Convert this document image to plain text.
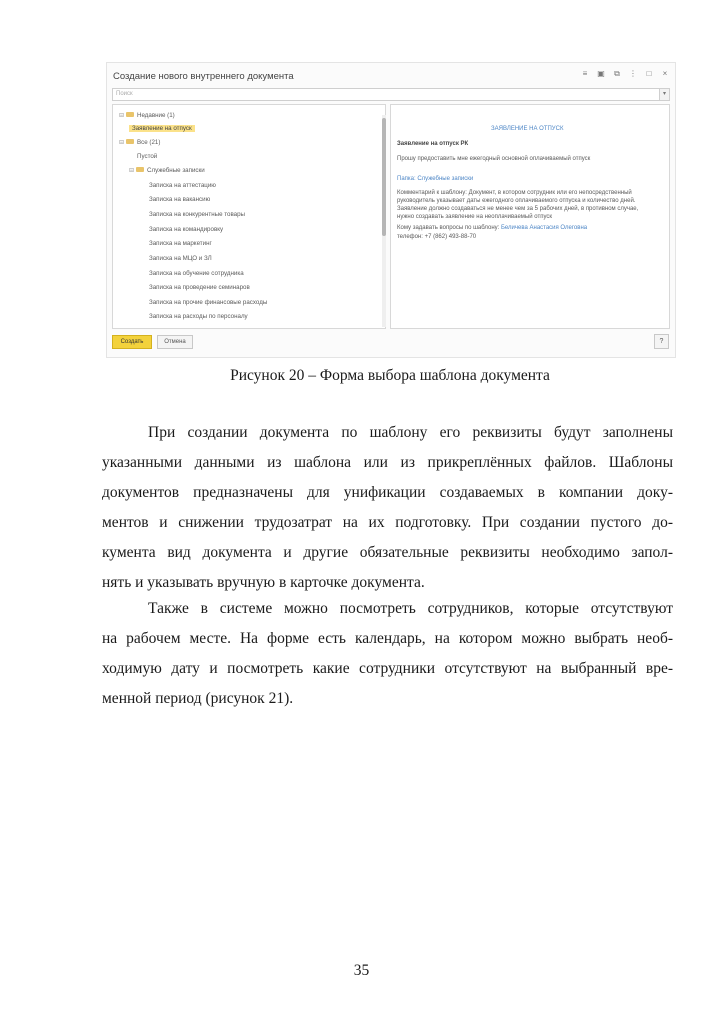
Создание нового внутреннего документа	≡ ▣ ⧉ ⋮ □ ×
Поиск	▾
⊟ Недавние (1)
Заявление на отпуск
⊟ Все (21)
Пустой
⊟ Служебные записки
Записка на аттестацию
Записка на вакансию
Записка на конкурентные товары
Записка на командировку
Записка на маркетинг
Записка на МЦО и ЗЛ
Записка на обучение сотрудника
Записка на проведение семинаров
Записка на прочие финансовые расходы
Записка на расходы по персоналу
ЗАЯВЛЕНИЕ НА ОТПУСК
Заявление на отпуск РК
Прошу предоставить мне ежегодный основной оплачиваемый отпуск
Папка: Служебные записки
Комментарий к шаблону: Документ, в котором сотрудник или его непосредственный
руководитель указывает даты ежегодного оплачиваемого отпуска и количество дней.
Заявление должно создаваться не менее чем за 5 рабочих дней, в противном случае,
нужно создавать заявление на неоплачиваемый отпуск
Кому задавать вопросы по шаблону: Беличева Анастасия Олеговна
телефон: +7 (862) 493-88-70
Создать	Отмена	?
Рисунок 20 – Форма выбора шаблона документа
При создании документа по шаблону его реквизиты будут заполнены
указанными данными из шаблона или из прикреплённых файлов. Шаблоны
документов предназначены для унификации создаваемых в компании доку-
ментов и снижении трудозатрат на их подготовку. При создании пустого до-
кумента вид документа и другие обязательные реквизиты необходимо запол-
нять и указывать вручную в карточке документа.
Также в системе можно посмотреть сотрудников, которые отсутствуют
на рабочем месте. На форме есть календарь, на котором можно выбрать необ-
ходимую дату и посмотреть какие сотрудники отсутствуют на выбранный вре-
менной период (рисунок 21).
35
